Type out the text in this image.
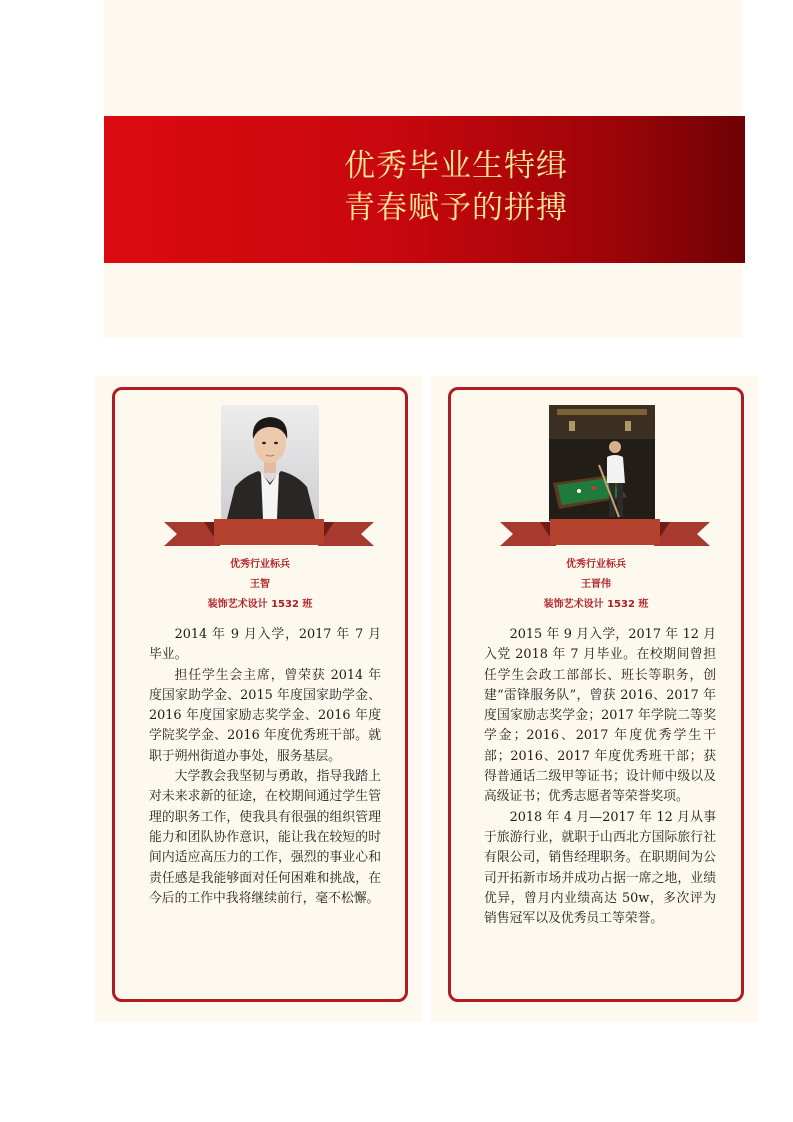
优秀毕业生特缉
青春赋予的拼搏

优秀行业标兵

王智

装饰艺术设计 1532 班

2014 年 9 月入学，2017 年 7 月毕业。

担任学生会主席，曾荣获 2014 年度国家助学金、2015 年度国家助学金、2016 年度国家励志奖学金、2016 年度学院奖学金、2016 年度优秀班干部。就职于朔州街道办事处，服务基层。

大学教会我坚韧与勇敢，指导我踏上对未来求新的征途，在校期间通过学生管理的职务工作，使我具有很强的组织管理能力和团队协作意识，能让我在较短的时间内适应高压力的工作，强烈的事业心和责任感是我能够面对任何困难和挑战，在今后的工作中我将继续前行，毫不松懈。

优秀行业标兵

王晋伟

装饰艺术设计 1532 班

2015 年 9 月入学，2017 年 12 月入党 2018 年 7 月毕业。在校期间曾担任学生会政工部部长、班长等职务，创建“雷锋服务队”，曾获 2016、2017 年度国家励志奖学金；2017 年学院二等奖学金；2016、2017 年度优秀学生干部；2016、2017 年度优秀班干部；获得普通话二级甲等证书；设计师中级以及高级证书；优秀志愿者等荣誉奖项。

2018 年 4 月—2017 年 12 月从事于旅游行业，就职于山西北方国际旅行社有限公司，销售经理职务。在职期间为公司开拓新市场并成功占据一席之地，业绩优异，曾月内业绩高达 50w，多次评为销售冠军以及优秀员工等荣誉。
